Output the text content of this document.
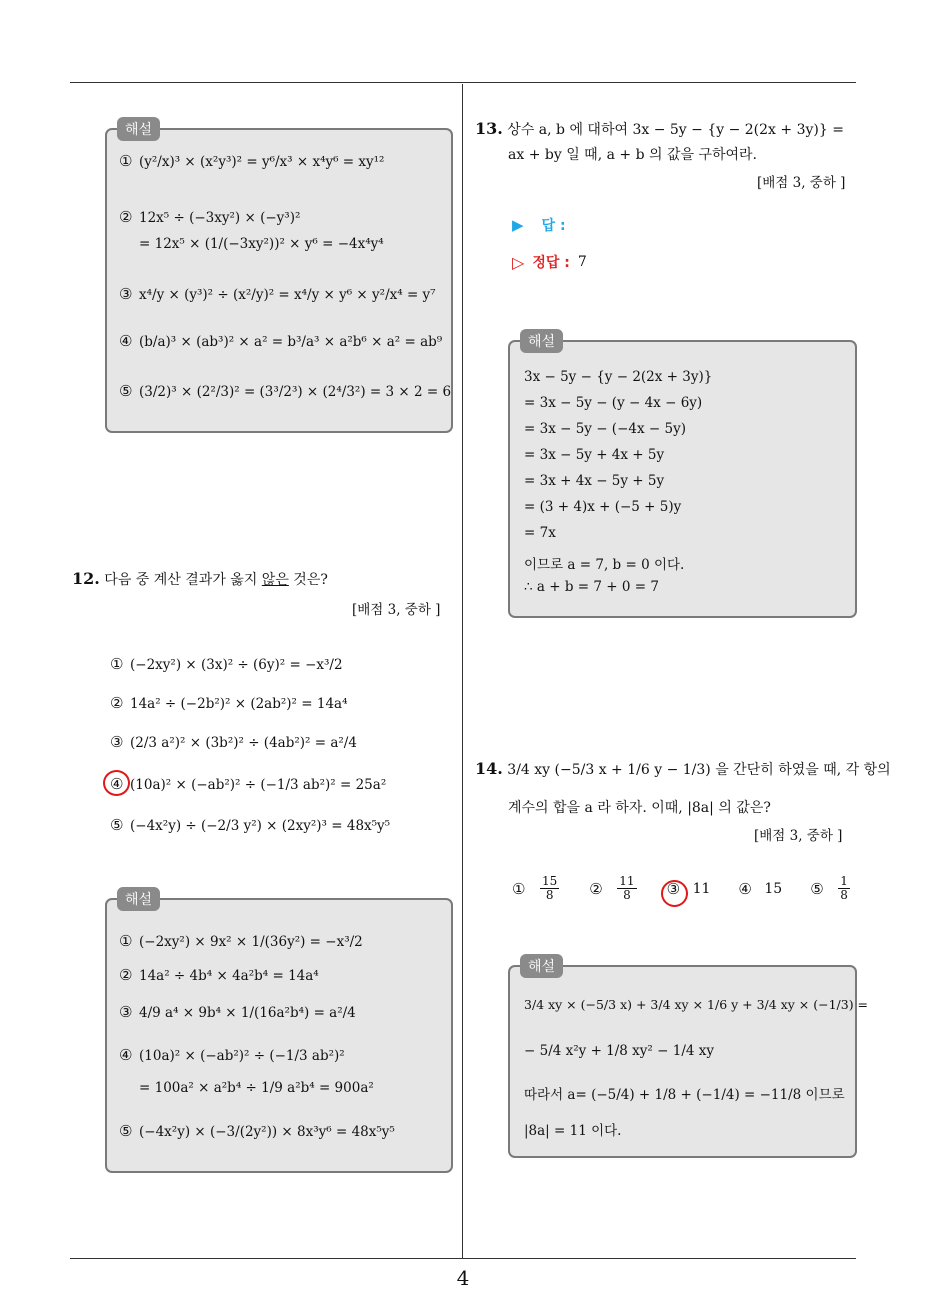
4
해설
① (y²/x)³ × (x²y³)² = y⁶/x³ × x⁴y⁶ = xy¹²
② 12x⁵ ÷ (−3xy²) × (−y³)²
= 12x⁵ × (1/(−3xy²))² × y⁶ = −4x⁴y⁴
③ x⁴/y × (y³)² ÷ (x²/y)² = x⁴/y × y⁶ × y²/x⁴ = y⁷
④ (b/a)³ × (ab³)² × a² = b³/a³ × a²b⁶ × a² = ab⁹
⑤ (3/2)³ × (2²/3)² = (3³/2³) × (2⁴/3²) = 3 × 2 = 6
12. 다음 중 계산 결과가 옳지 않은 것은?
[배점 3, 중하 ]
① (−2xy²) × (3x)² ÷ (6y)² = −x³/2
② 14a² ÷ (−2b²)² × (2ab²)² = 14a⁴
③ (2/3 a²)² × (3b²)² ÷ (4ab²)² = a²/4
④ (10a)² × (−ab²)² ÷ (−1/3 ab²)² = 25a²
⑤ (−4x²y) ÷ (−2/3 y²) × (2xy²)³ = 48x⁵y⁵
해설
① (−2xy²) × 9x² × 1/(36y²) = −x³/2
② 14a² ÷ 4b⁴ × 4a²b⁴ = 14a⁴
③ 4/9 a⁴ × 9b⁴ × 1/(16a²b⁴) = a²/4
④ (10a)² × (−ab²)² ÷ (−1/3 ab²)²
= 100a² × a²b⁴ ÷ 1/9 a²b⁴ = 900a²
⑤ (−4x²y) × (−3/(2y²)) × 8x³y⁶ = 48x⁵y⁵
13. 상수 a, b 에 대하여 3x − 5y − {y − 2(2x + 3y)} =
ax + by 일 때, a + b 의 값을 구하여라.
[배점 3, 중하 ]
▶ 답 :
▷ 정답 : 7
해설
3x − 5y − {y − 2(2x + 3y)}
= 3x − 5y − (y − 4x − 6y)
= 3x − 5y − (−4x − 5y)
= 3x − 5y + 4x + 5y
= 3x + 4x − 5y + 5y
= (3 + 4)x + (−5 + 5)y
= 7x
이므로 a = 7, b = 0 이다.
∴ a + b = 7 + 0 = 7
14. 3/4 xy (−5/3 x + 1/6 y − 1/3) 을 간단히 하였을 때, 각 항의
계수의 합을 a 라 하자. 이때, |8a| 의 값은?
[배점 3, 중하 ]
①	$\frac{15}{8}$ ②	$\frac{11}{8}$ ③ 11 ④ 15 ⑤	$\frac{1}{8}$
해설
3/4 xy × (−5/3 x) + 3/4 xy × 1/6 y + 3/4 xy × (−1/3) =
− 5/4 x²y + 1/8 xy² − 1/4 xy
따라서 a= (−5/4) + 1/8 + (−1/4) = −11/8 이므로
|8a| = 11 이다.
